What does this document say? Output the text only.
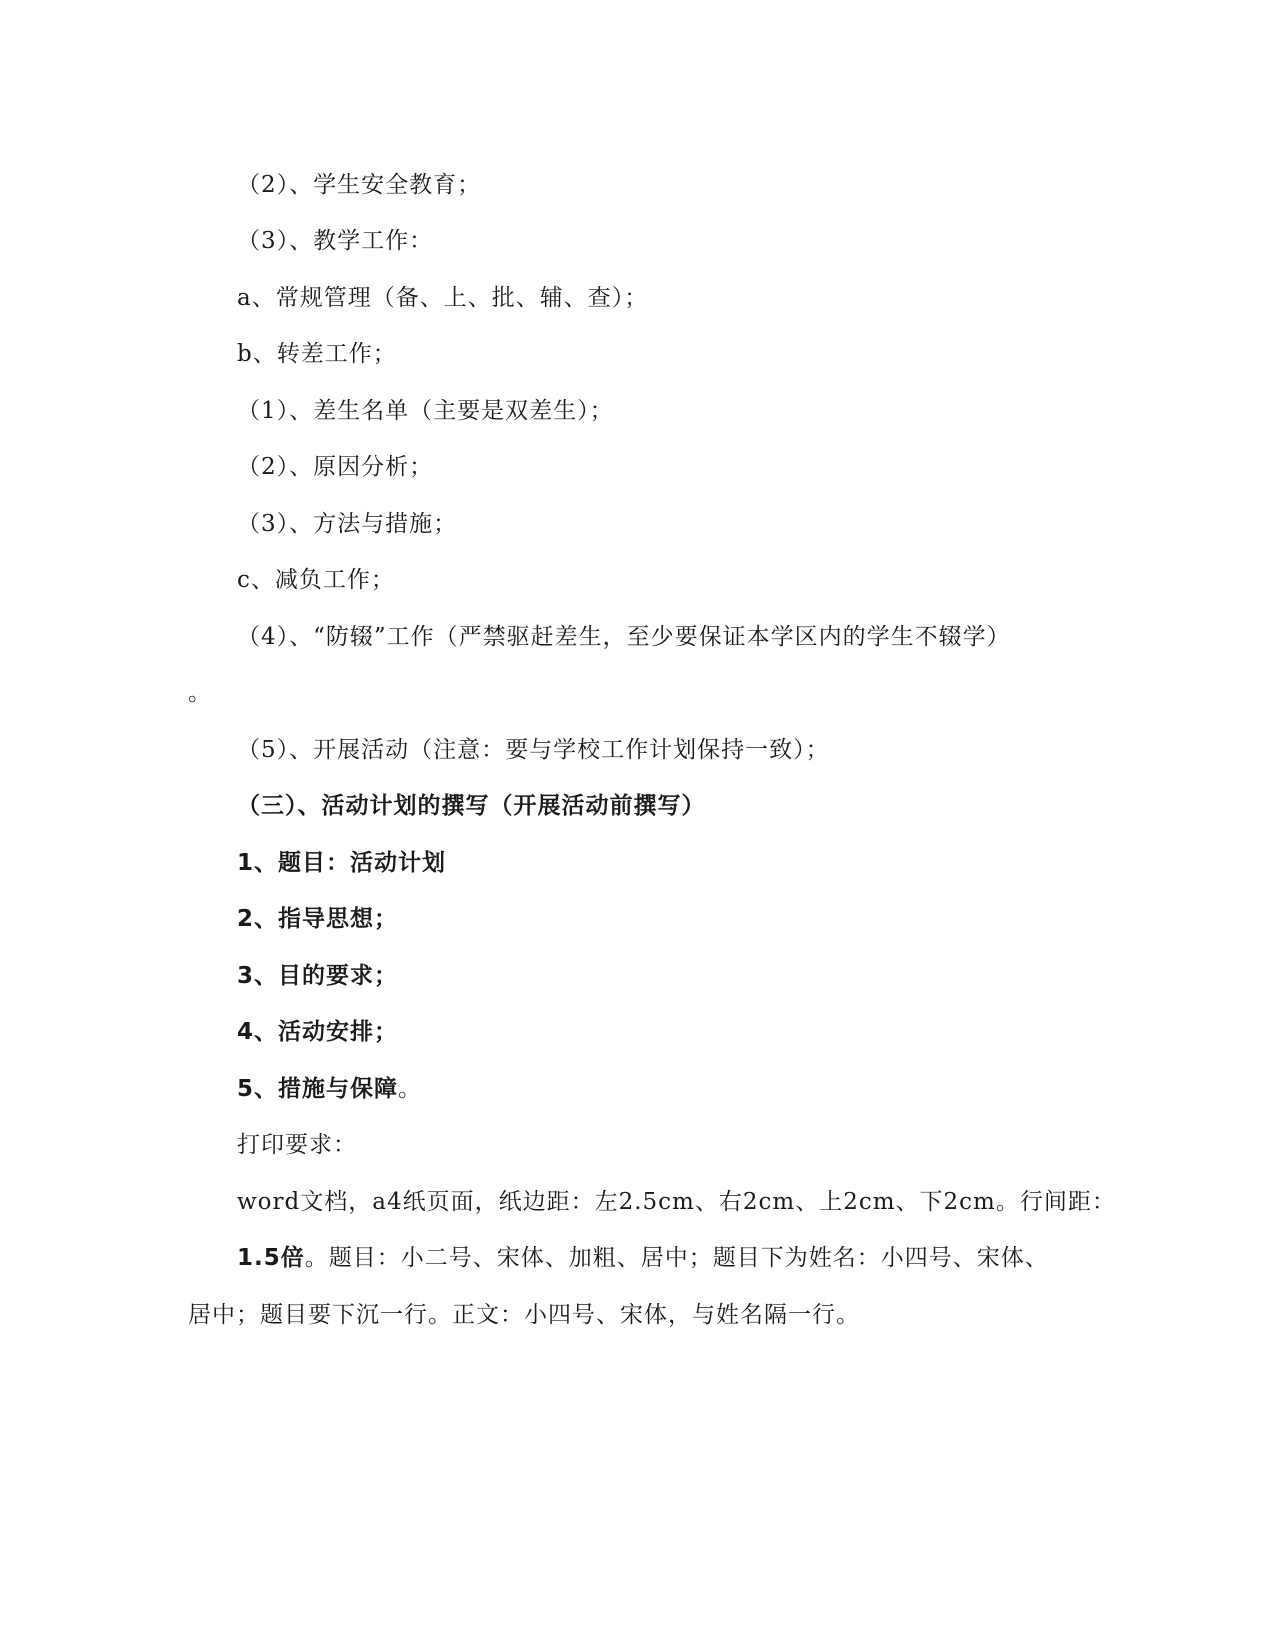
（2）、学生安全教育；
（3）、教学工作：
a、常规管理（备、上、批、辅、查）；
b、转差工作；
（1）、差生名单（主要是双差生）；
（2）、原因分析；
（3）、方法与措施；
c、减负工作；
（4）、“防辍”工作（严禁驱赶差生，至少要保证本学区内的学生不辍学）
。
（5）、开展活动（注意：要与学校工作计划保持一致）；
（三）、活动计划的撰写（开展活动前撰写）
1、题目：活动计划
2、指导思想；
3、目的要求；
4、活动安排；
5、措施与保障。
打印要求：
word文档，a4纸页面，纸边距：左2.5cm、右2cm、上2cm、下2cm。行间距：
1.5倍。题目：小二号、宋体、加粗、居中；题目下为姓名：小四号、宋体、
居中；题目要下沉一行。正文：小四号、宋体，与姓名隔一行。
